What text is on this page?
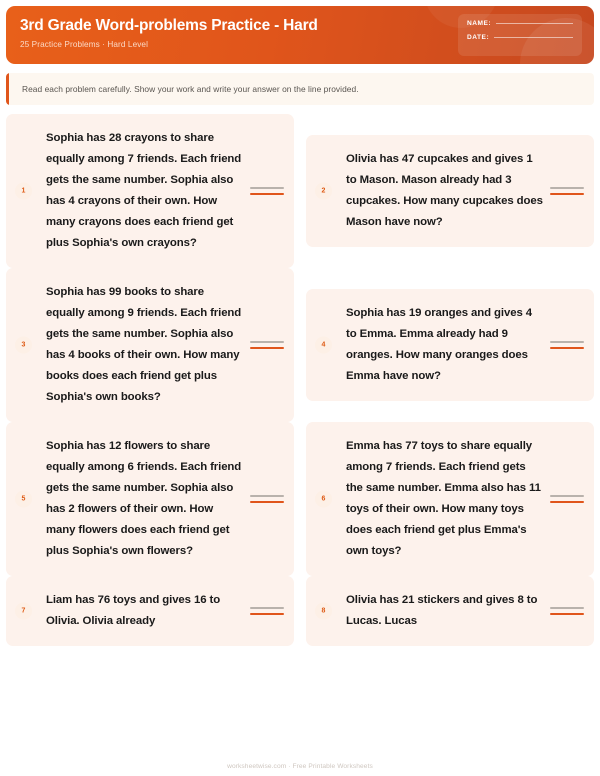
3rd Grade Word-problems Practice - Hard
25 Practice Problems · Hard Level
NAME:
DATE:
Read each problem carefully. Show your work and write your answer on the line provided.
1
Sophia has 28 crayons to share equally among 7 friends. Each friend gets the same number. Sophia also has 4 crayons of their own. How many crayons does each friend get plus Sophia's own crayons?
2
Olivia has 47 cupcakes and gives 1 to Mason. Mason already had 3 cupcakes. How many cupcakes does Mason have now?
3
Sophia has 99 books to share equally among 9 friends. Each friend gets the same number. Sophia also has 4 books of their own. How many books does each friend get plus Sophia's own books?
4
Sophia has 19 oranges and gives 4 to Emma. Emma already had 9 oranges. How many oranges does Emma have now?
5
Sophia has 12 flowers to share equally among 6 friends. Each friend gets the same number. Sophia also has 2 flowers of their own. How many flowers does each friend get plus Sophia's own flowers?
6
Emma has 77 toys to share equally among 7 friends. Each friend gets the same number. Emma also has 11 toys of their own. How many toys does each friend get plus Emma's own toys?
7
Liam has 76 toys and gives 16 to Olivia. Olivia already
8
Olivia has 21 stickers and gives 8 to Lucas. Lucas
worksheetwise.com · Free Printable Worksheets
